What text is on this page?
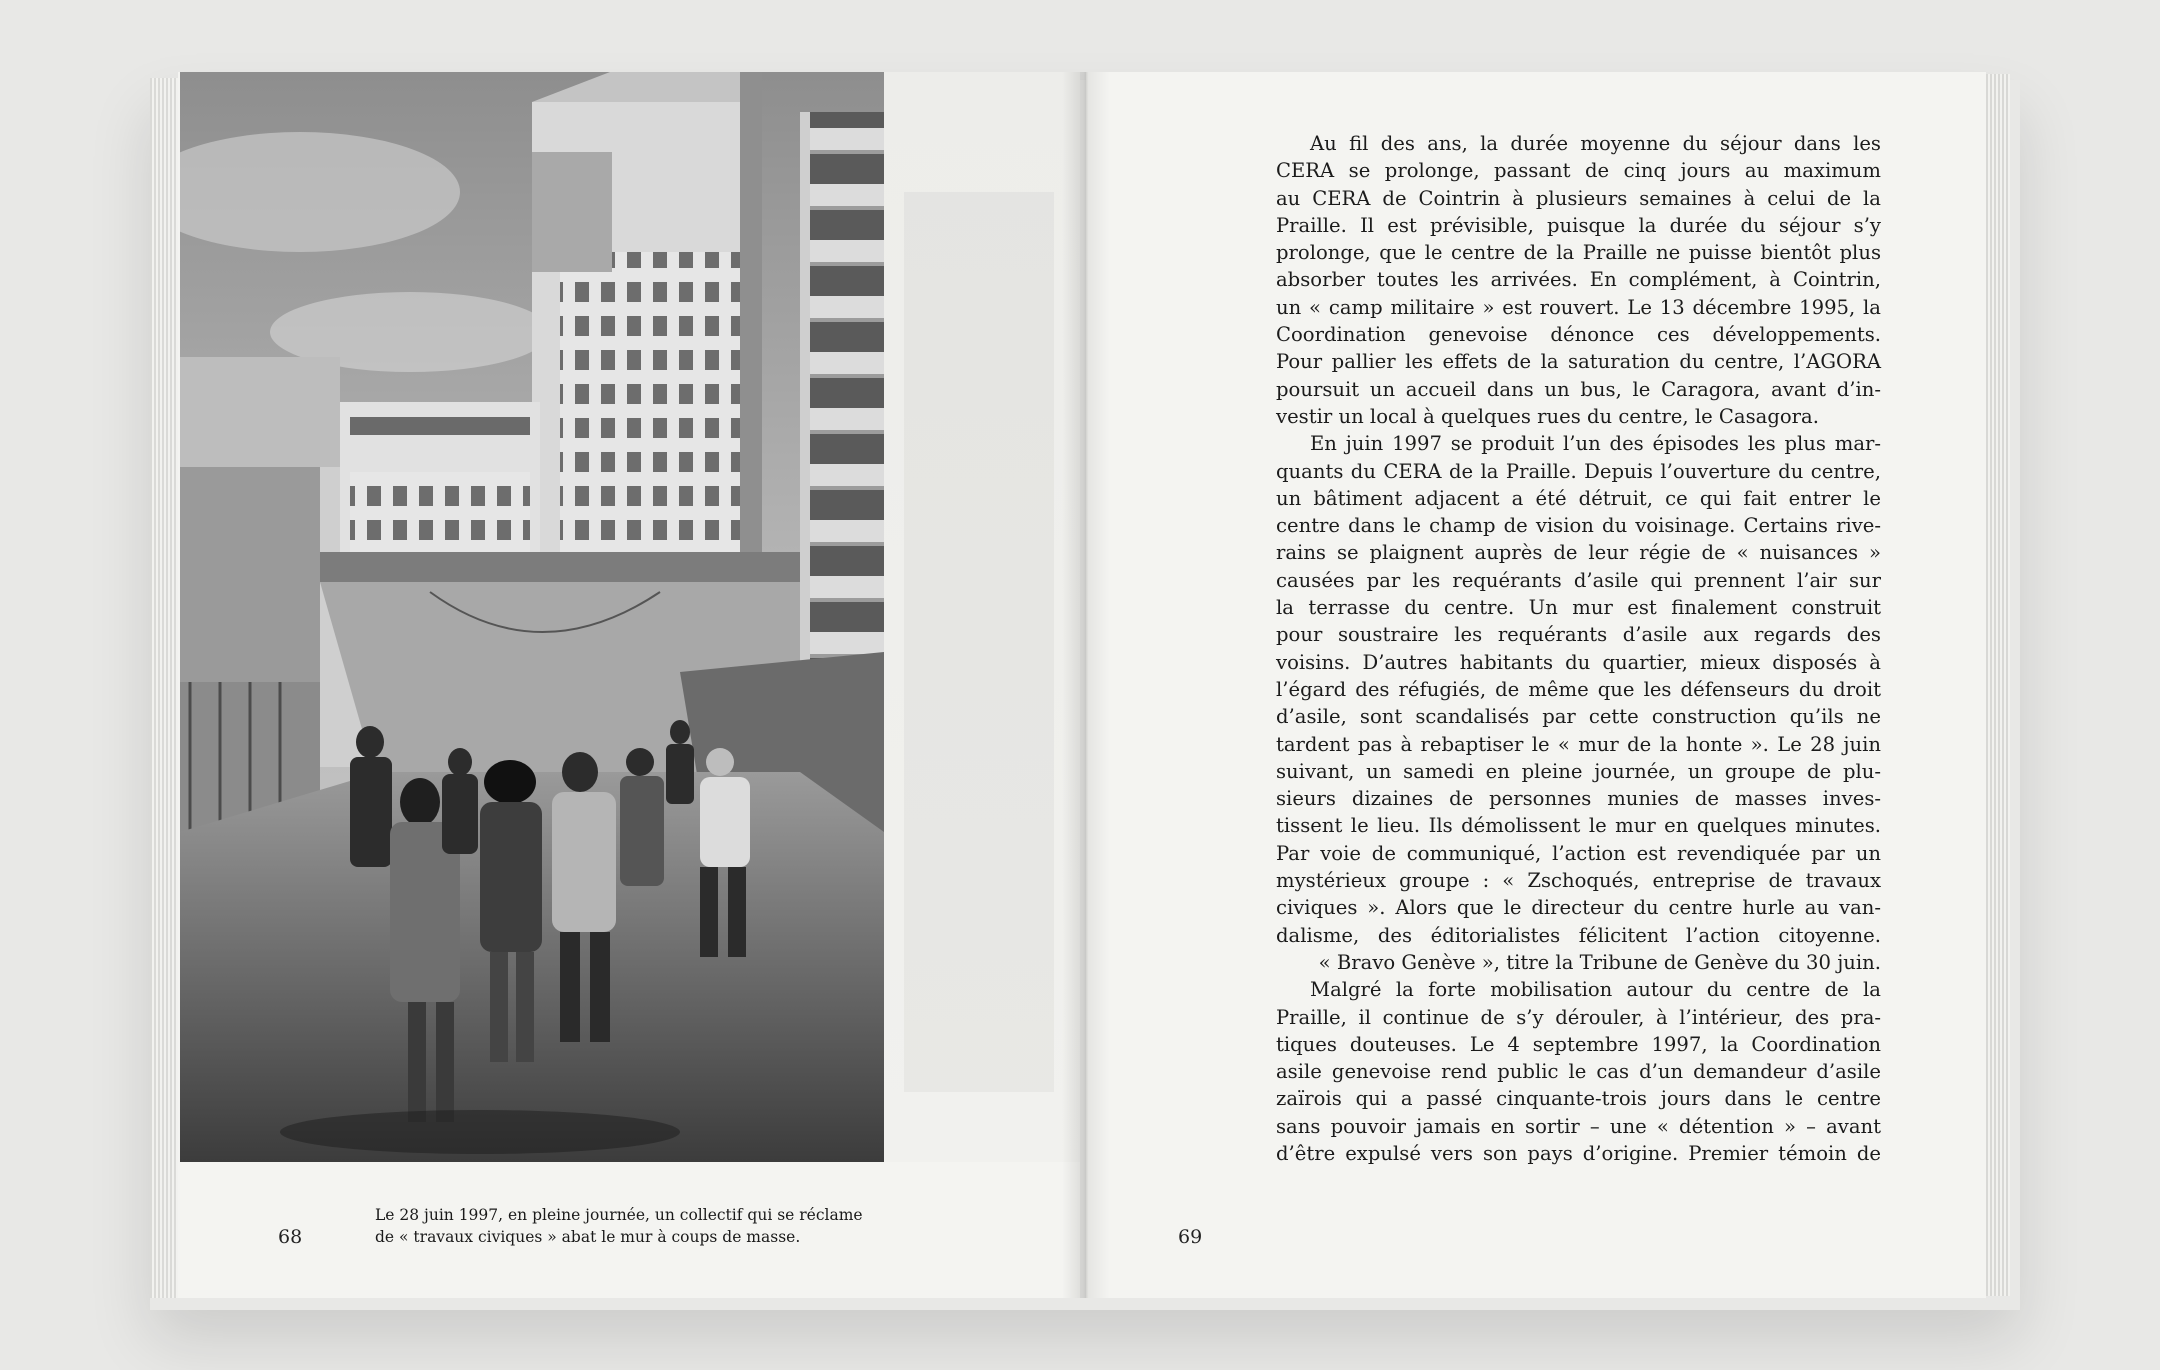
68
Le 28 juin 1997, en pleine journée, un collectif qui se réclame
de « travaux civiques » abat le mur à coups de masse.	69
Au fil des ans, la durée moyenne du séjour dans les
CERA se prolonge, passant de cinq jours au maximum
au CERA de Cointrin à plusieurs semaines à celui de la
Praille. Il est prévisible, puisque la durée du séjour s’y
prolonge, que le centre de la Praille ne puisse bientôt plus
absorber toutes les arrivées. En complément, à Cointrin,
un « camp militaire » est rouvert. Le 13 décembre 1995, la
Coordination genevoise dénonce ces développements.
Pour pallier les effets de la saturation du centre, l’AGORA
poursuit un accueil dans un bus, le Caragora, avant d’in-
vestir un local à quelques rues du centre, le Casagora.
En juin 1997 se produit l’un des épisodes les plus mar-
quants du CERA de la Praille. Depuis l’ouverture du centre,
un bâtiment adjacent a été détruit, ce qui fait entrer le
centre dans le champ de vision du voisinage. Certains rive-
rains se plaignent auprès de leur régie de « nuisances »
causées par les requérants d’asile qui prennent l’air sur
la terrasse du centre. Un mur est finalement construit
pour soustraire les requérants d’asile aux regards des
voisins. D’autres habitants du quartier, mieux disposés à
l’égard des réfugiés, de même que les défenseurs du droit
d’asile, sont scandalisés par cette construction qu’ils ne
tardent pas à rebaptiser le « mur de la honte ». Le 28 juin
suivant, un samedi en pleine journée, un groupe de plu-
sieurs dizaines de personnes munies de masses inves-
tissent le lieu. Ils démolissent le mur en quelques minutes.
Par voie de communiqué, l’action est revendiquée par un
mystérieux groupe : « Zschoqués, entreprise de travaux
civiques ». Alors que le directeur du centre hurle au van-
dalisme, des éditorialistes félicitent l’action citoyenne.
« Bravo Genève », titre la Tribune de Genève du 30 juin.
Malgré la forte mobilisation autour du centre de la
Praille, il continue de s’y dérouler, à l’intérieur, des pra-
tiques douteuses. Le 4 septembre 1997, la Coordination
asile genevoise rend public le cas d’un demandeur d’asile
zaïrois qui a passé cinquante-trois jours dans le centre
sans pouvoir jamais en sortir – une « détention » – avant
d’être expulsé vers son pays d’origine. Premier témoin de
